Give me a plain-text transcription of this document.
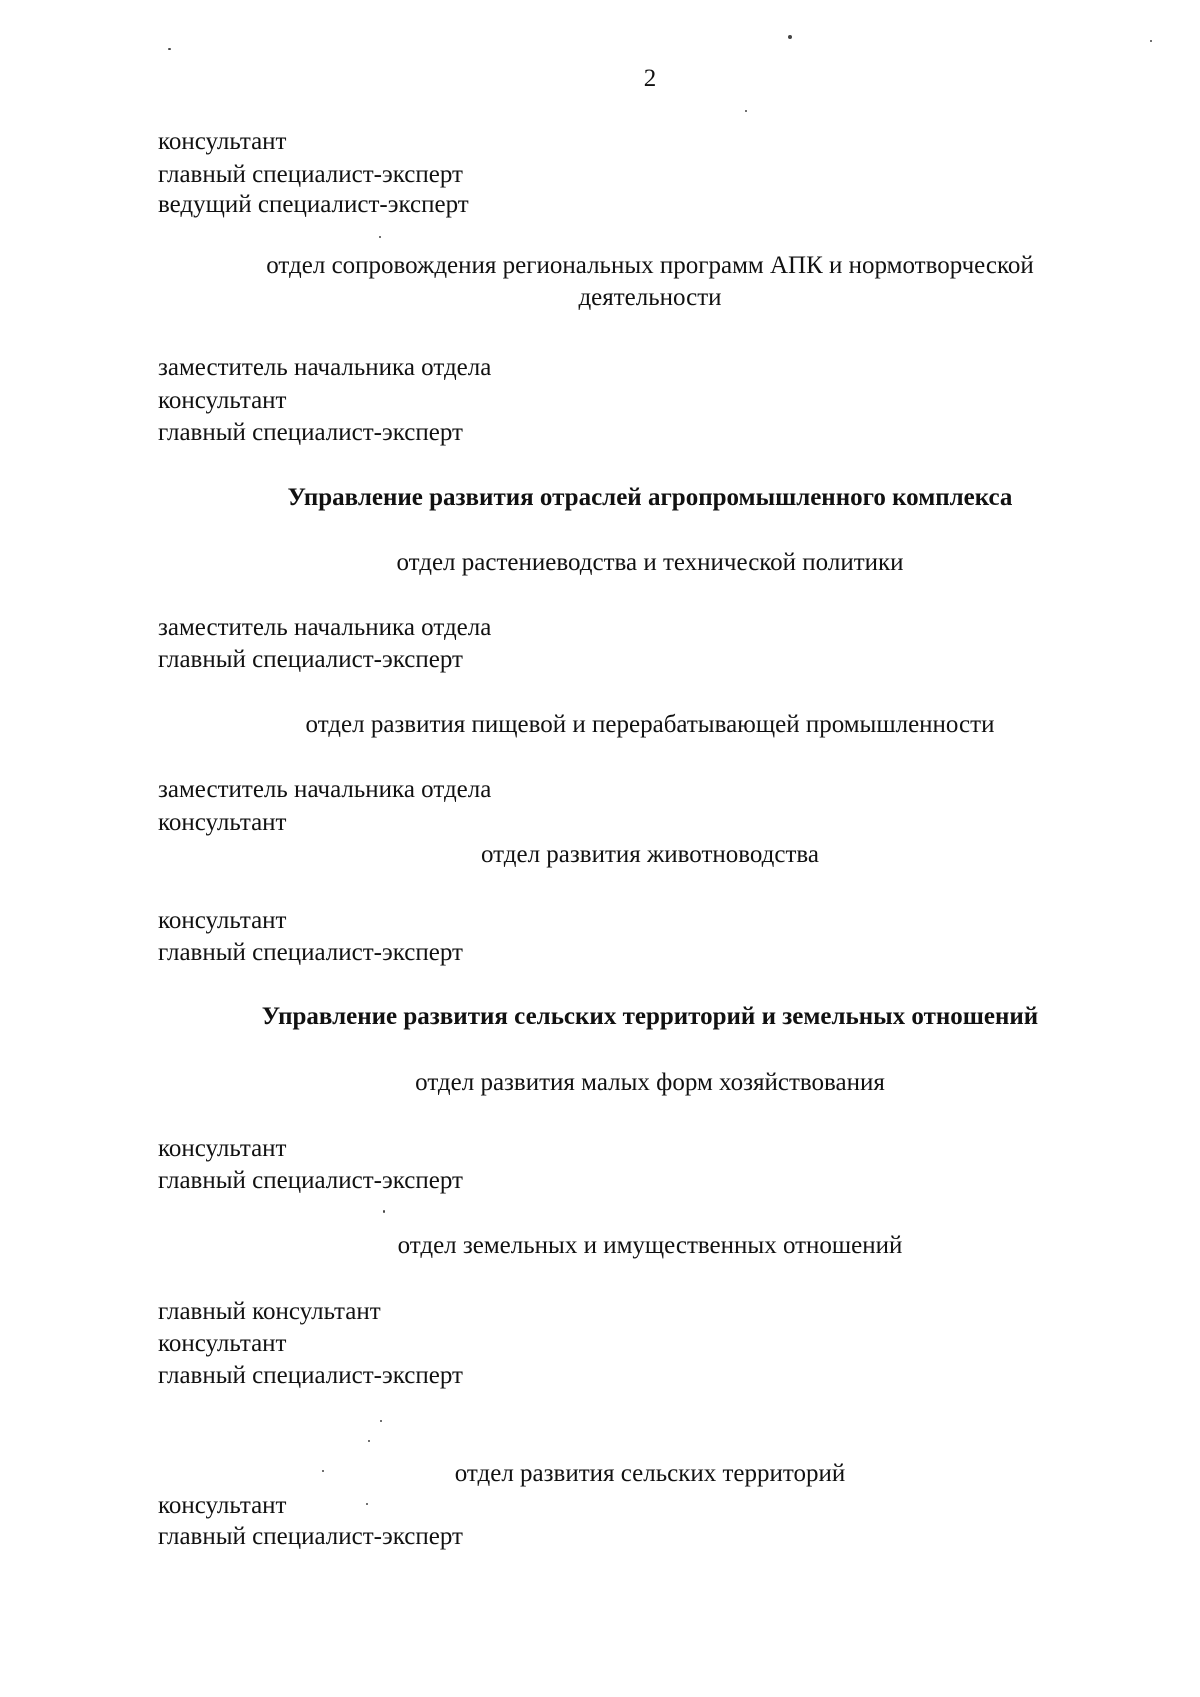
2

консультант

главный специалист-эксперт

ведущий специалист-эксперт

отдел сопровождения региональных программ АПК и нормотворческой

деятельности

заместитель начальника отдела

консультант

главный специалист-эксперт

Управление развития отраслей агропромышленного комплекса

отдел растениеводства и технической политики

заместитель начальника отдела

главный специалист-эксперт

отдел развития пищевой и перерабатывающей промышленности

заместитель начальника отдела

консультант

отдел развития животноводства

консультант

главный специалист-эксперт

Управление развития сельских территорий и земельных отношений

отдел развития малых форм хозяйствования

консультант

главный специалист-эксперт

отдел земельных и имущественных отношений

главный консультант

консультант

главный специалист-эксперт

отдел развития сельских территорий

консультант

главный специалист-эксперт
